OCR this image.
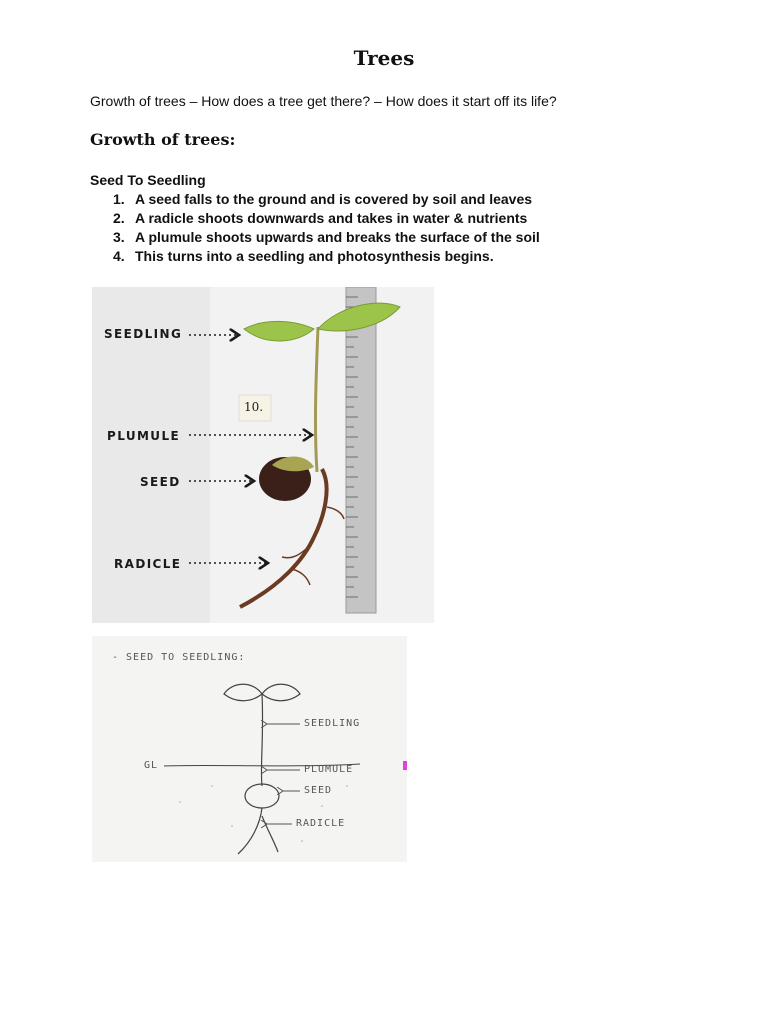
Trees

Growth of trees – How does a tree get there? – How does it start off its life?

Growth of trees:

Seed To Seedling

1. A seed falls to the ground and is covered by soil and leaves
2. A radicle shoots downwards and takes in water & nutrients
3. A plumule shoots upwards and breaks the surface of the soil
4. This turns into a seedling and photosynthesis begins.
SEEDLING
PLUMULE
SEED
RADICLE
10.
- SEED TO SEEDLING:
SEEDLING
GL	PLUMULE
SEED
RADICLE
